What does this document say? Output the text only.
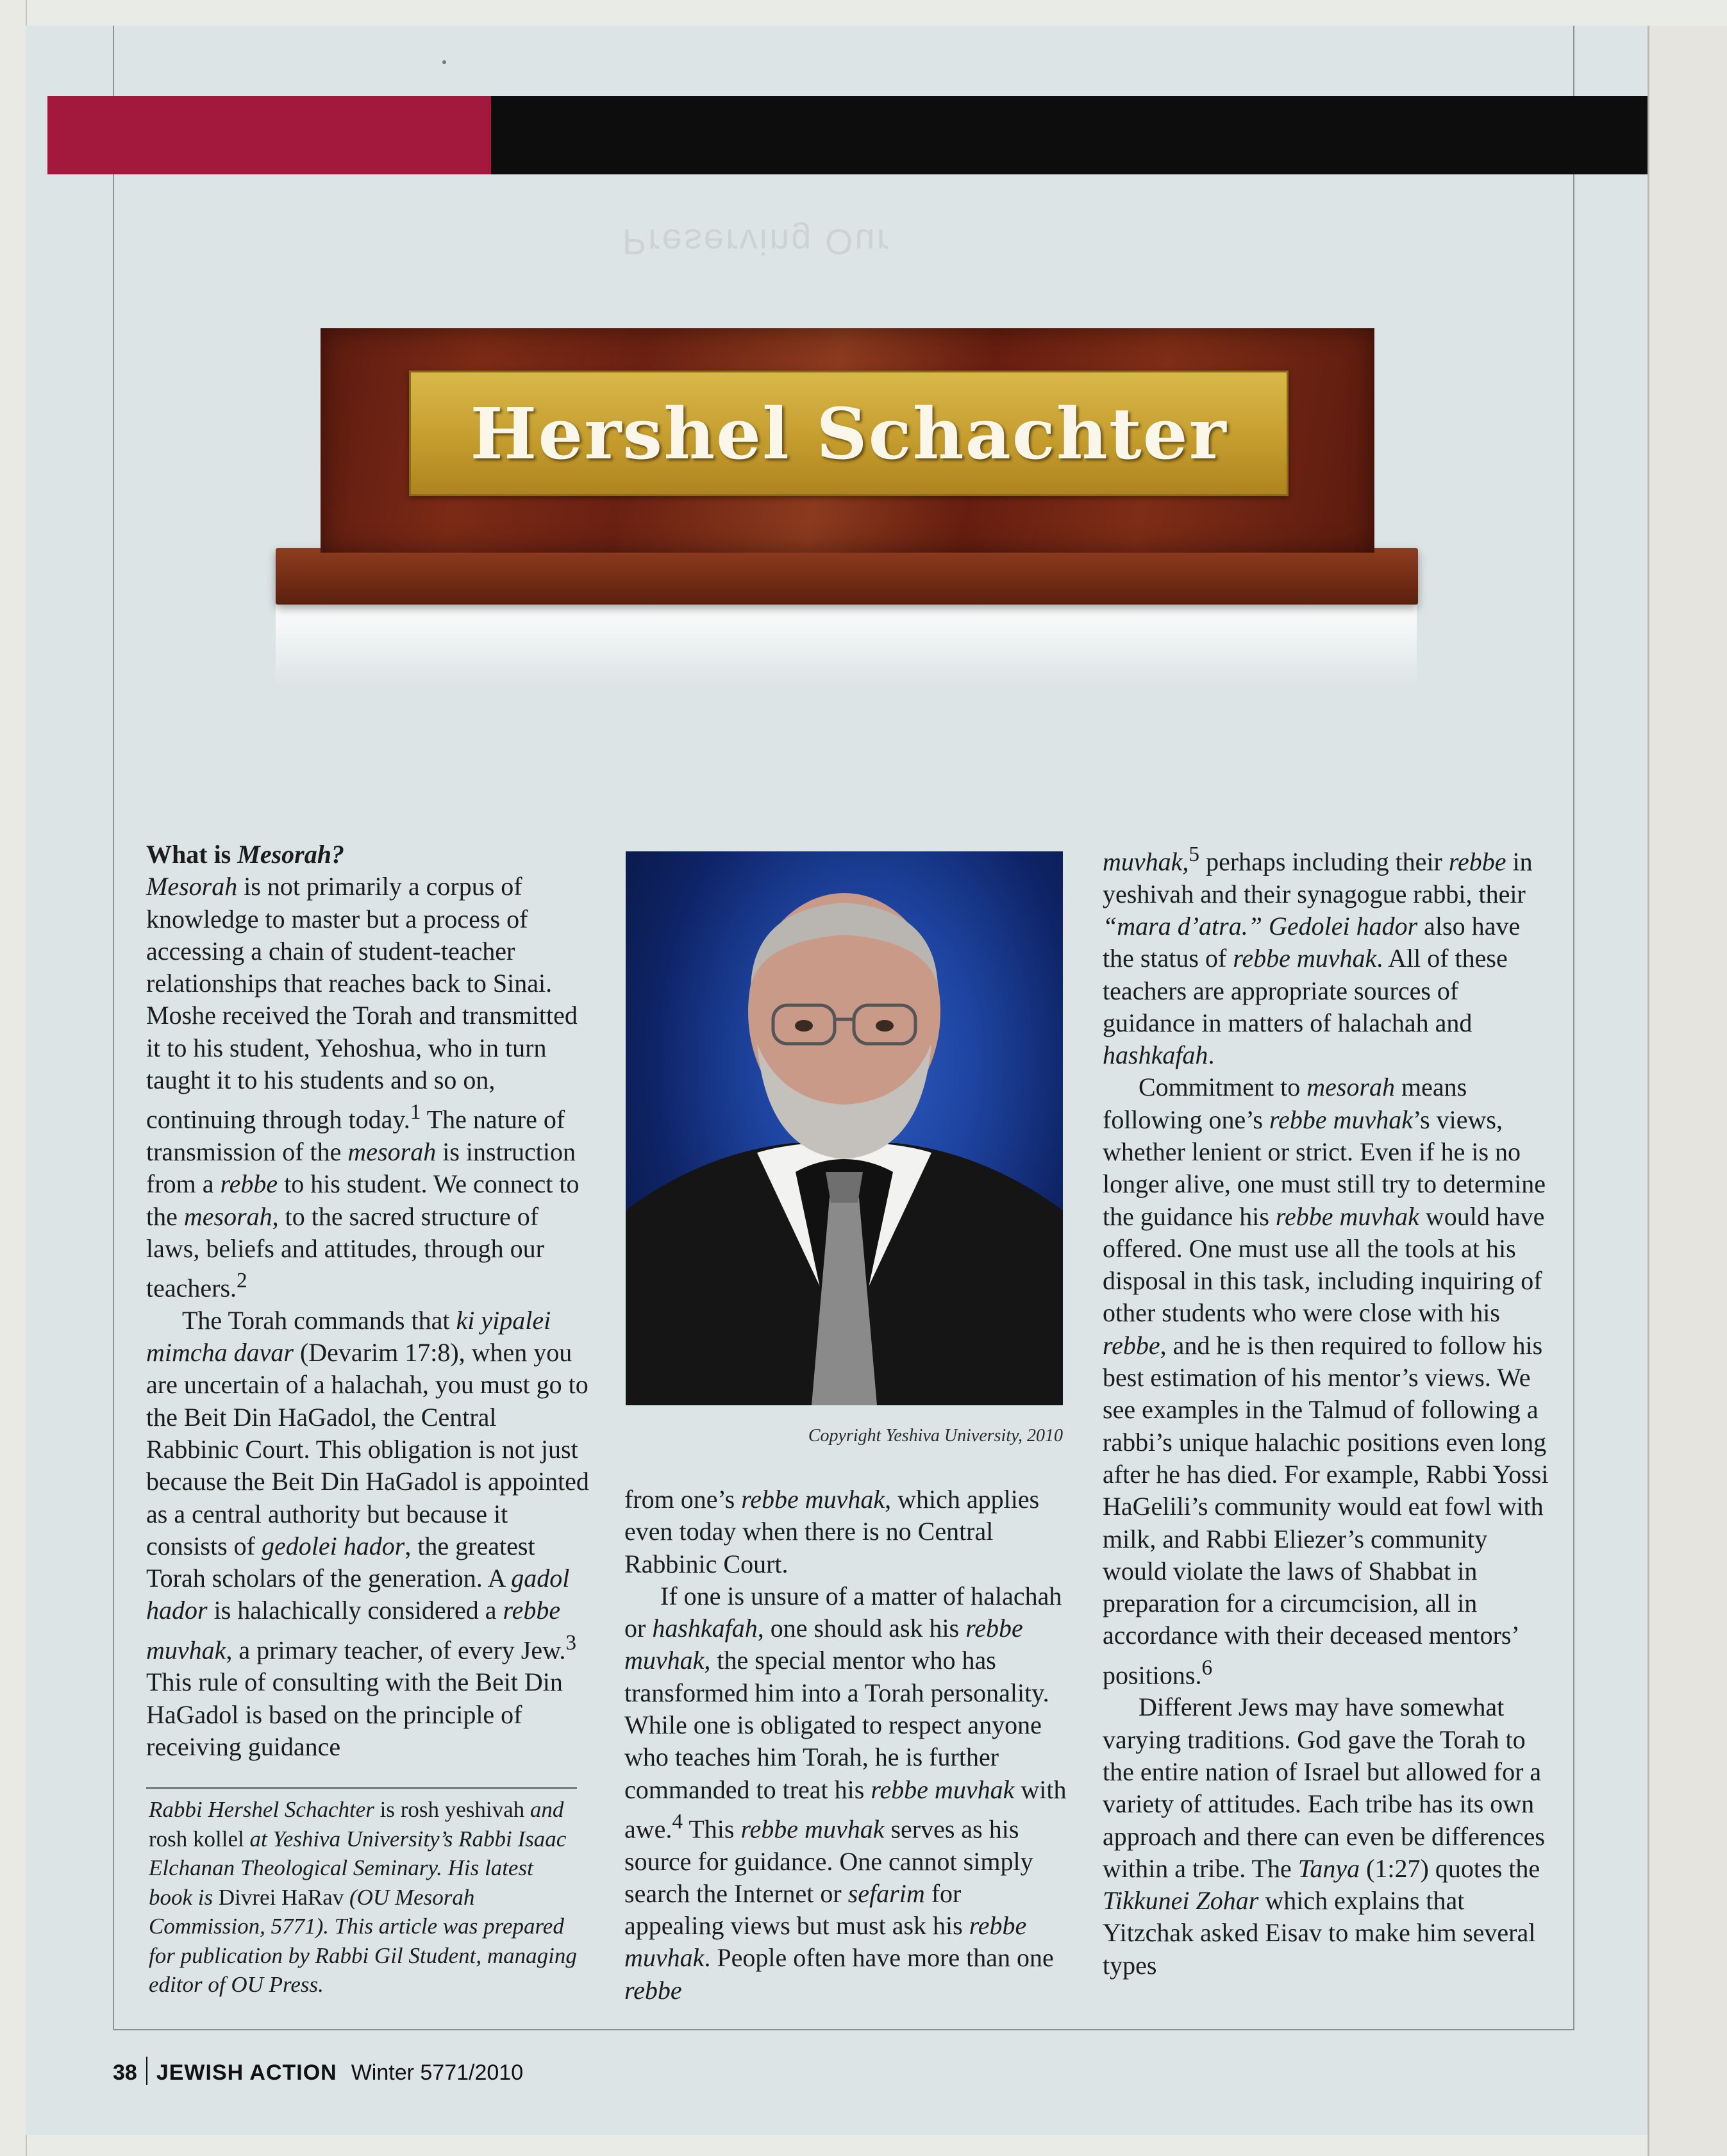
Preserving Our
Hershel Schachter

What is Mesorah?

Mesorah is not primarily a corpus of knowledge to master but a process of accessing a chain of student-teacher relationships that reaches back to Sinai. Moshe received the Torah and transmitted it to his student, Yehoshua, who in turn taught it to his students and so on, continuing through today.$^1$ The nature of transmission of the mesorah is instruction from a rebbe to his student. We connect to the mesorah, to the sacred structure of laws, beliefs and attitudes, through our teachers.$^2$

The Torah commands that ki yipalei mimcha davar (Devarim 17:8), when you are uncertain of a halachah, you must go to the Beit Din HaGadol, the Central Rabbinic Court. This obligation is not just because the Beit Din HaGadol is appointed as a central authority but because it consists of gedolei hador, the greatest Torah scholars of the generation. A gadol hador is halachically considered a rebbe muvhak, a primary teacher, of every Jew.$^3$ This rule of consulting with the Beit Din HaGadol is based on the principle of receiving guidance

Rabbi Hershel Schachter is rosh yeshivah and rosh kollel at Yeshiva University’s Rabbi Isaac Elchanan Theological Seminary. His latest book is Divrei HaRav (OU Mesorah Commission, 5771). This article was prepared for publication by Rabbi Gil Student, managing editor of OU Press.
Copyright Yeshiva University, 2010

from one’s rebbe muvhak, which applies even today when there is no Central Rabbinic Court.

If one is unsure of a matter of halachah or hashkafah, one should ask his rebbe muvhak, the special mentor who has transformed him into a Torah personality. While one is obligated to respect anyone who teaches him Torah, he is further commanded to treat his rebbe muvhak with awe.$^4$ This rebbe muvhak serves as his source for guidance. One cannot simply search the Internet or sefarim for appealing views but must ask his rebbe muvhak. People often have more than one rebbe

muvhak,$^5$ perhaps including their rebbe in yeshivah and their synagogue rabbi, their “mara d’atra.” Gedolei hador also have the status of rebbe muvhak. All of these teachers are appropriate sources of guidance in matters of halachah and hashkafah.

Commitment to mesorah means following one’s rebbe muvhak’s views, whether lenient or strict. Even if he is no longer alive, one must still try to determine the guidance his rebbe muvhak would have offered. One must use all the tools at his disposal in this task, including inquiring of other students who were close with his rebbe, and he is then required to follow his best estimation of his mentor’s views. We see examples in the Talmud of following a rabbi’s unique halachic positions even long after he has died. For example, Rabbi Yossi HaGelili’s community would eat fowl with milk, and Rabbi Eliezer’s community would violate the laws of Shabbat in preparation for a circumcision, all in accordance with their deceased mentors’ positions.$^6$

Different Jews may have somewhat varying traditions. God gave the Torah to the entire nation of Israel but allowed for a variety of attitudes. Each tribe has its own approach and there can even be differences within a tribe. The Tanya (1:27) quotes the Tikkunei Zohar which explains that Yitzchak asked Eisav to make him several types

38 JEWISH ACTION Winter 5771/2010
